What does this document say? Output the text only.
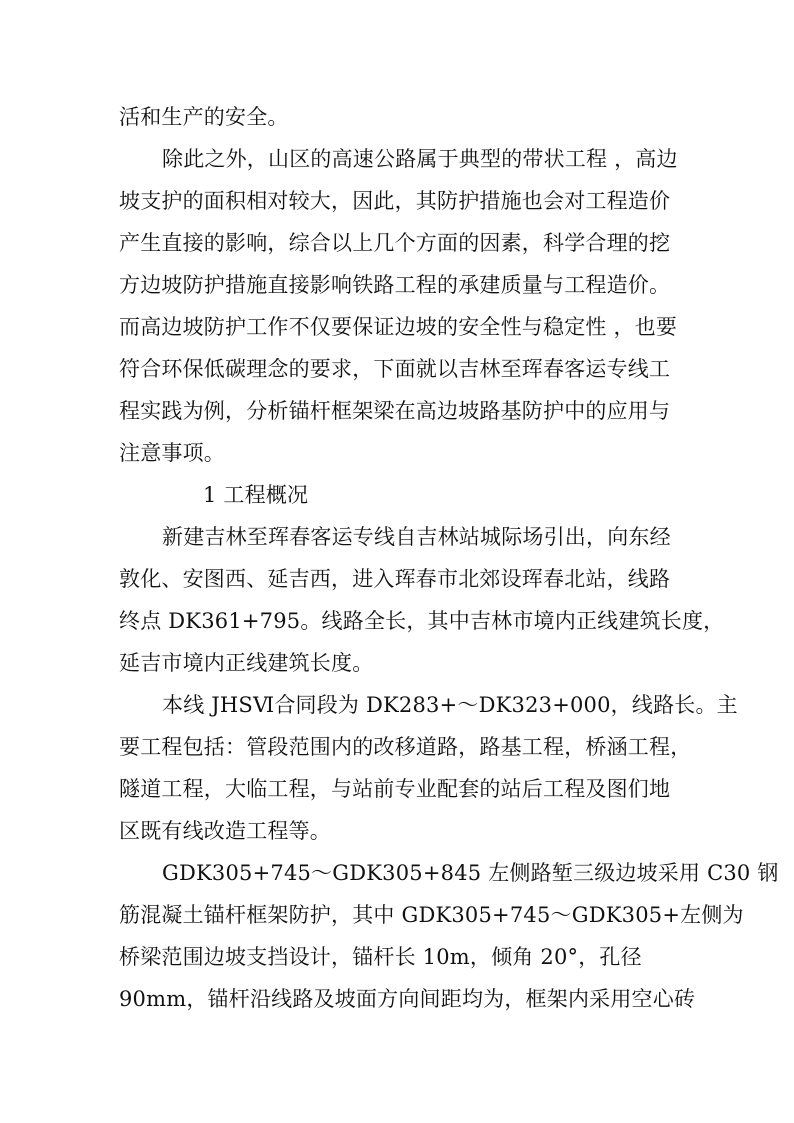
活和生产的安全。
除此之外，山区的高速公路属于典型的带状工程 ，高边
坡支护的面积相对较大，因此，其防护措施也会对工程造价
产生直接的影响，综合以上几个方面的因素，科学合理的挖
方边坡防护措施直接影响铁路工程的承建质量与工程造价。
而高边坡防护工作不仅要保证边坡的安全性与稳定性 ，也要
符合环保低碳理念的要求，下面就以吉林至珲春客运专线工
程实践为例，分析锚杆框架梁在高边坡路基防护中的应用与
注意事项。
1 工程概况
新建吉林至珲春客运专线自吉林站城际场引出，向东经
敦化、安图西、延吉西，进入珲春市北郊设珲春北站，线路
终点 DK361+795。线路全长，其中吉林市境内正线建筑长度，
延吉市境内正线建筑长度。
本线 JHSⅥ合同段为 DK283+～DK323+000，线路长。主
要工程包括：管段范围内的改移道路，路基工程，桥涵工程，
隧道工程，大临工程，与站前专业配套的站后工程及图们地
区既有线改造工程等。
GDK305+745～GDK305+845 左侧路堑三级边坡采用 C30 钢
筋混凝土锚杆框架防护，其中 GDK305+745～GDK305+左侧为
桥梁范围边坡支挡设计，锚杆长 10m，倾角 20°，孔径
90mm，锚杆沿线路及坡面方向间距均为，框架内采用空心砖
